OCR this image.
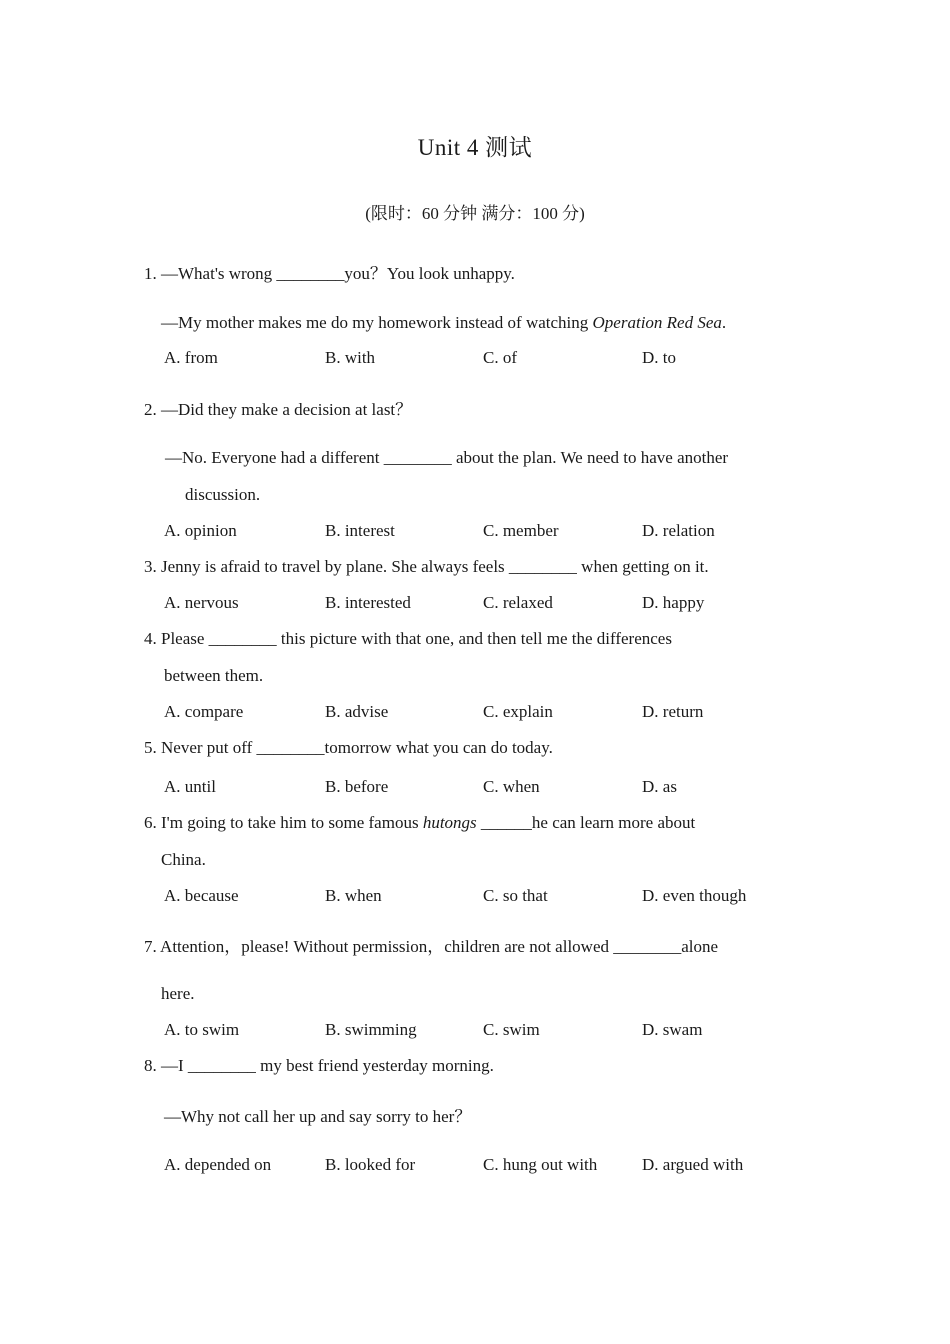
Unit 4 测试
(限时：60 分钟 满分：100 分)
1. —What's wrong ________you？You look unhappy.
—My mother makes me do my homework instead of watching Operation Red Sea.
A. from	B. with	C. of	D. to
2. —Did they make a decision at last？
—No. Everyone had a different ________ about the plan. We need to have another
discussion.
A. opinion	B. interest	C. member	D. relation
3. Jenny is afraid to travel by plane. She always feels ________ when getting on it.
A. nervous	B. interested	C. relaxed	D. happy
4. Please ________ this picture with that one, and then tell me the differences
between them.
A. compare	B. advise	C. explain	D. return
5. Never put off ________tomorrow what you can do today.
A. until	B. before	C. when	D. as
6. I'm going to take him to some famous hutongs ______he can learn more about
China.
A. because	B. when	C. so that	D. even though
7. Attention，please! Without permission，children are not allowed ________alone
here.
A. to swim	B. swimming	C. swim	D. swam
8. —I ________ my best friend yesterday morning.
—Why not call her up and say sorry to her？
A. depended on	B. looked for	C. hung out with	D. argued with
